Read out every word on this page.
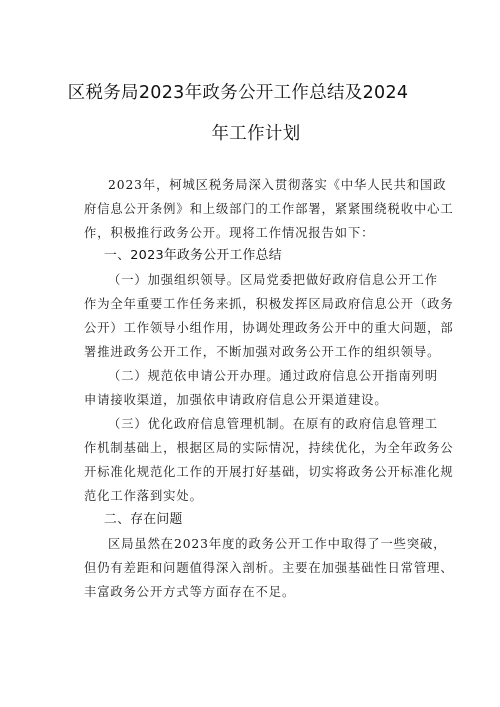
区税务局2023年政务公开工作总结及2024
年工作计划
2023年，柯城区税务局深入贯彻落实《中华人民共和国政
府信息公开条例》和上级部门的工作部署，紧紧围绕税收中心工
作，积极推行政务公开。现将工作情况报告如下：
一、2023年政务公开工作总结
（一）加强组织领导。区局党委把做好政府信息公开工作
作为全年重要工作任务来抓，积极发挥区局政府信息公开（政务
公开）工作领导小组作用，协调处理政务公开中的重大问题，部
署推进政务公开工作，不断加强对政务公开工作的组织领导。
（二）规范依申请公开办理。通过政府信息公开指南列明
申请接收渠道，加强依申请政府信息公开渠道建设。
（三）优化政府信息管理机制。在原有的政府信息管理工
作机制基础上，根据区局的实际情况，持续优化，为全年政务公
开标准化规范化工作的开展打好基础，切实将政务公开标准化规
范化工作落到实处。
二、存在问题
区局虽然在2023年度的政务公开工作中取得了一些突破，
但仍有差距和问题值得深入剖析。主要在加强基础性日常管理、
丰富政务公开方式等方面存在不足。
